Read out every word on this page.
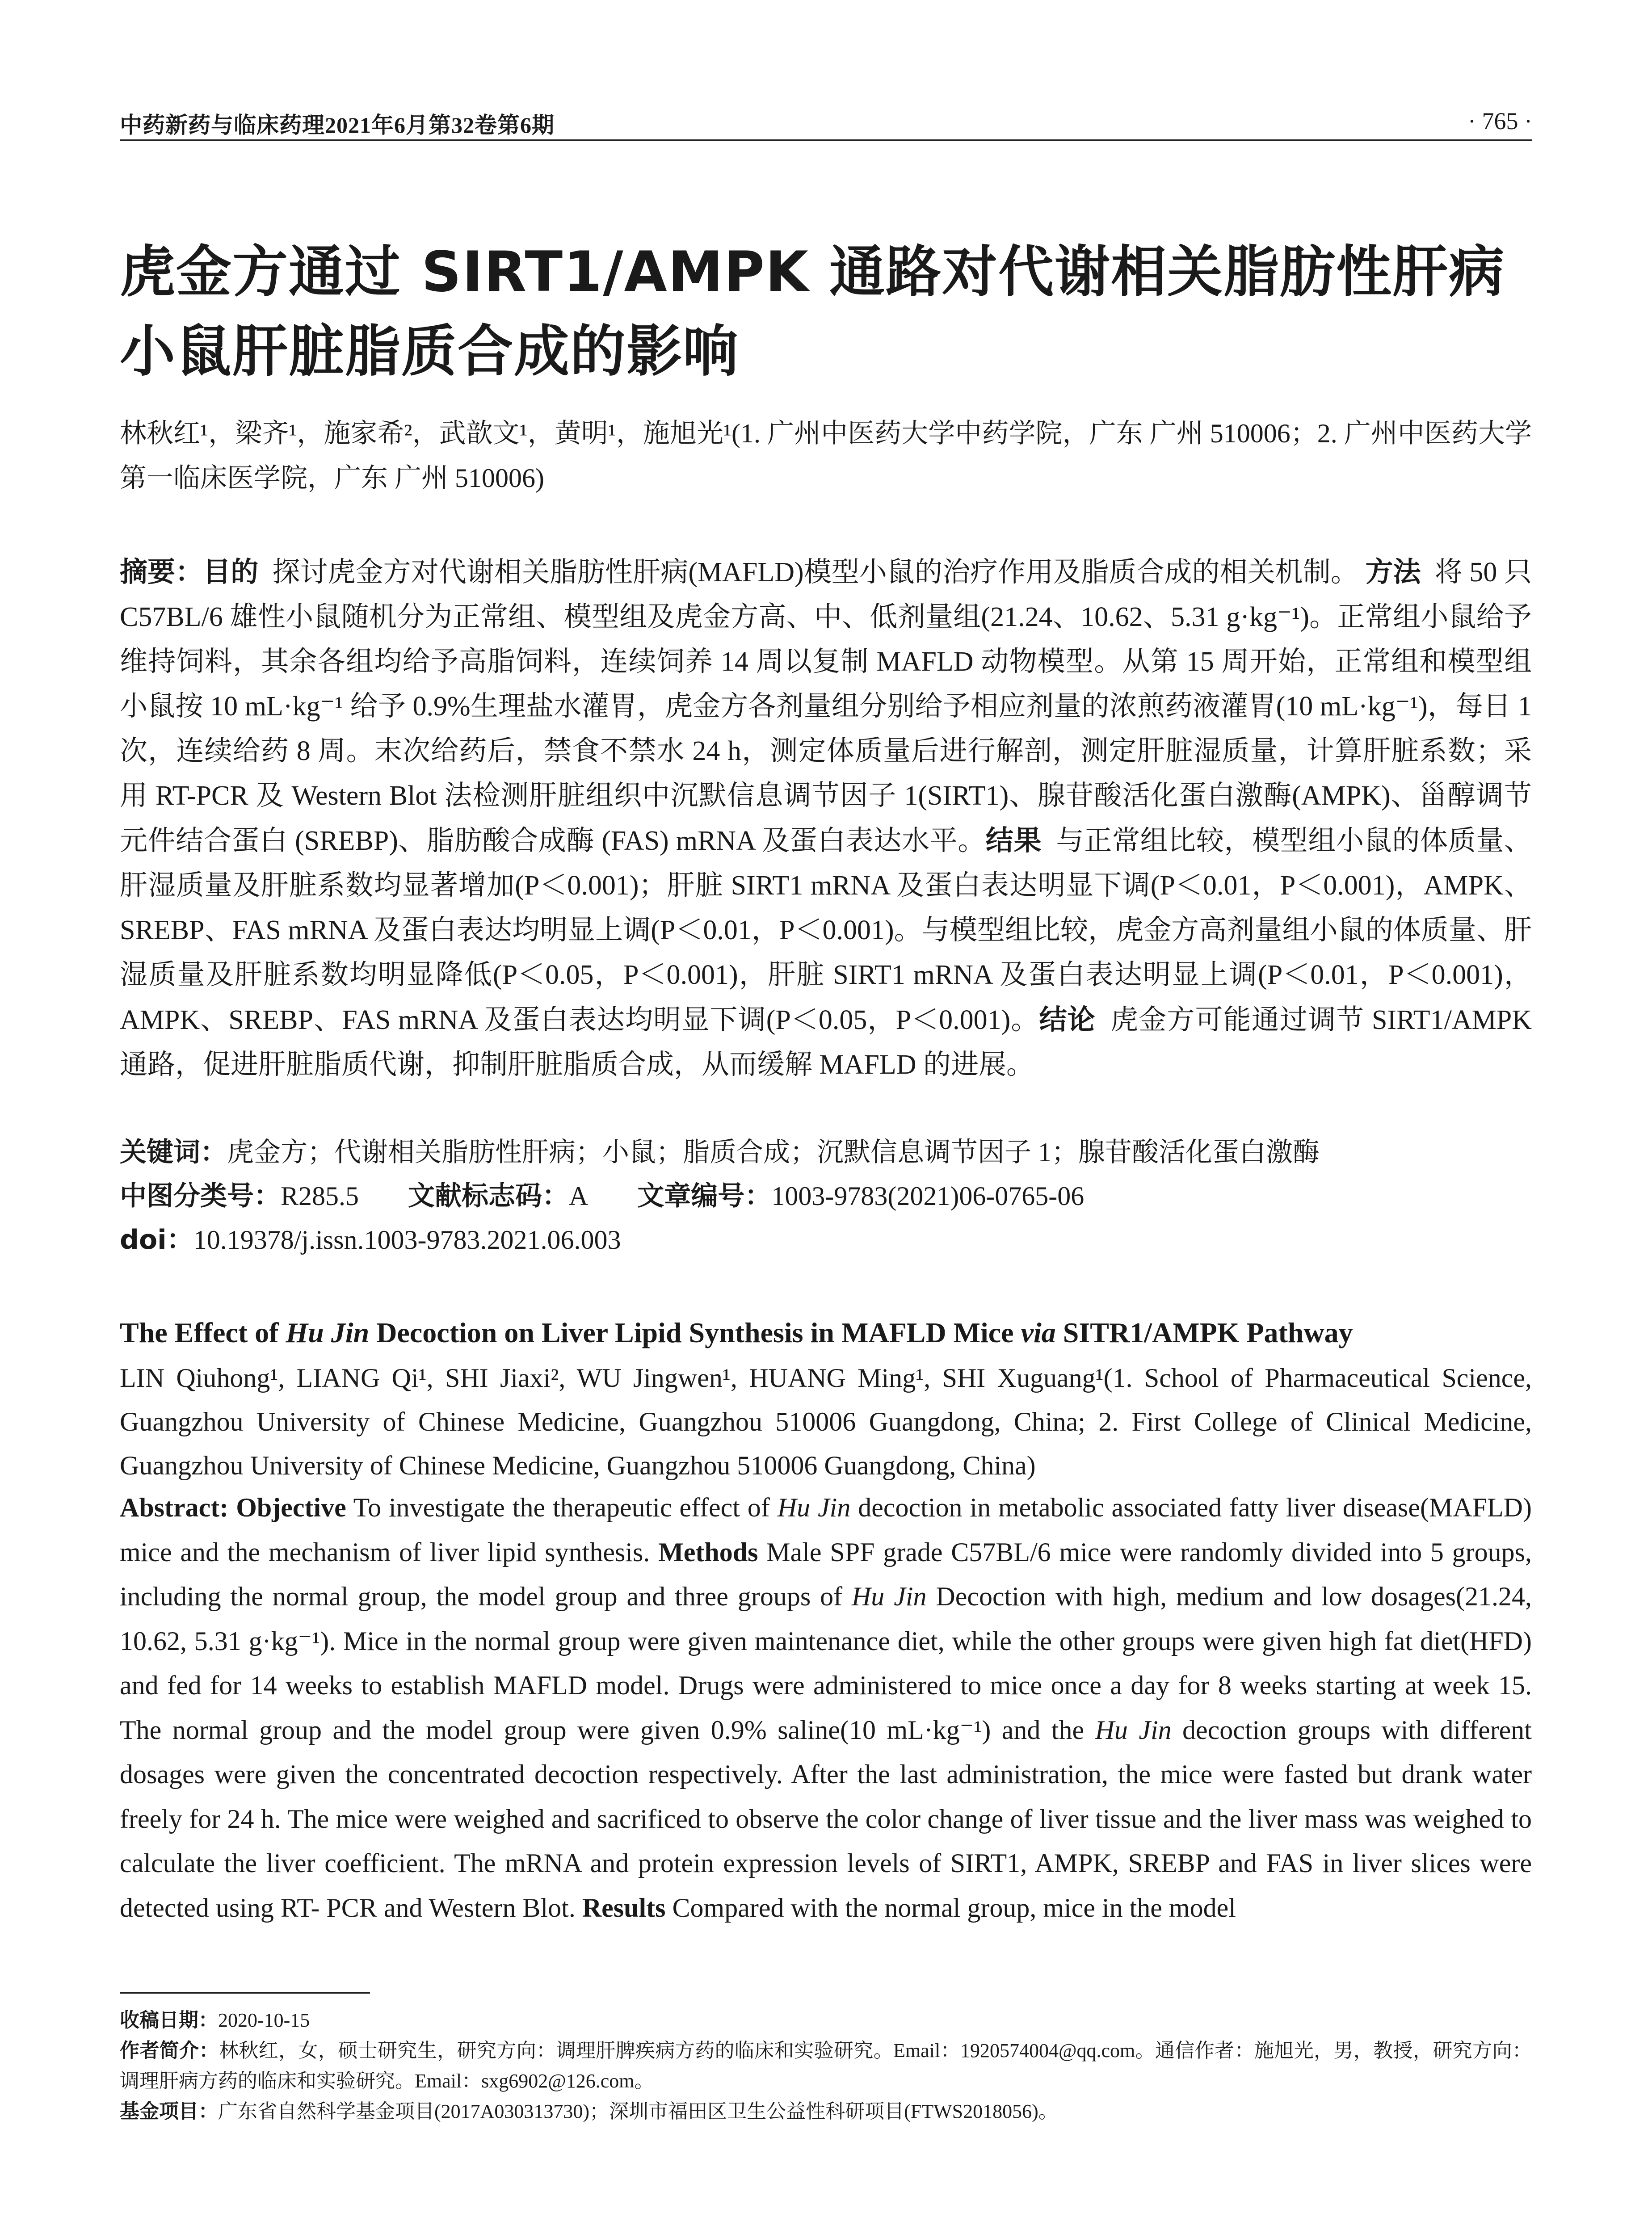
中药新药与临床药理2021年6月第32卷第6期	· 765 ·
虎金方通过 SIRT1/AMPK 通路对代谢相关脂肪性肝病小鼠肝脏脂质合成的影响
林秋红¹，梁齐¹，施家希²，武歆文¹，黄明¹，施旭光¹(1. 广州中医药大学中药学院，广东 广州 510006；2. 广州中医药大学第一临床医学院，广东 广州 510006)
摘要：目的 探讨虎金方对代谢相关脂肪性肝病(MAFLD)模型小鼠的治疗作用及脂质合成的相关机制。 方法 将 50 只 C57BL/6 雄性小鼠随机分为正常组、模型组及虎金方高、中、低剂量组(21.24、10.62、5.31 g·kg⁻¹)。正常组小鼠给予维持饲料，其余各组均给予高脂饲料，连续饲养 14 周以复制 MAFLD 动物模型。从第 15 周开始，正常组和模型组小鼠按 10 mL·kg⁻¹ 给予 0.9%生理盐水灌胃，虎金方各剂量组分别给予相应剂量的浓煎药液灌胃(10 mL·kg⁻¹)，每日 1 次，连续给药 8 周。末次给药后，禁食不禁水 24 h，测定体质量后进行解剖，测定肝脏湿质量，计算肝脏系数；采用 RT-PCR 及 Western Blot 法检测肝脏组织中沉默信息调节因子 1(SIRT1)、腺苷酸活化蛋白激酶(AMPK)、甾醇调节元件结合蛋白 (SREBP)、脂肪酸合成酶 (FAS) mRNA 及蛋白表达水平。结果 与正常组比较，模型组小鼠的体质量、肝湿质量及肝脏系数均显著增加(P＜0.001)；肝脏 SIRT1 mRNA 及蛋白表达明显下调(P＜0.01，P＜0.001)，AMPK、SREBP、FAS mRNA 及蛋白表达均明显上调(P＜0.01，P＜0.001)。与模型组比较，虎金方高剂量组小鼠的体质量、肝湿质量及肝脏系数均明显降低(P＜0.05，P＜0.001)，肝脏 SIRT1 mRNA 及蛋白表达明显上调(P＜0.01，P＜0.001)，AMPK、SREBP、FAS mRNA 及蛋白表达均明显下调(P＜0.05，P＜0.001)。结论 虎金方可能通过调节 SIRT1/AMPK 通路，促进肝脏脂质代谢，抑制肝脏脂质合成，从而缓解 MAFLD 的进展。
关键词：虎金方；代谢相关脂肪性肝病；小鼠；脂质合成；沉默信息调节因子 1；腺苷酸活化蛋白激酶
中图分类号：R285.5 文献标志码：A 文章编号：1003-9783(2021)06-0765-06
doi：10.19378/j.issn.1003-9783.2021.06.003
The Effect of Hu Jin Decoction on Liver Lipid Synthesis in MAFLD Mice via SITR1/AMPK Pathway
LIN Qiuhong¹, LIANG Qi¹, SHI Jiaxi², WU Jingwen¹, HUANG Ming¹, SHI Xuguang¹(1. School of Pharmaceutical Science, Guangzhou University of Chinese Medicine, Guangzhou 510006 Guangdong, China; 2. First College of Clinical Medicine, Guangzhou University of Chinese Medicine, Guangzhou 510006 Guangdong, China)
Abstract: Objective To investigate the therapeutic effect of Hu Jin decoction in metabolic associated fatty liver disease(MAFLD) mice and the mechanism of liver lipid synthesis. Methods Male SPF grade C57BL/6 mice were randomly divided into 5 groups, including the normal group, the model group and three groups of Hu Jin Decoction with high, medium and low dosages(21.24, 10.62, 5.31 g·kg⁻¹). Mice in the normal group were given maintenance diet, while the other groups were given high fat diet(HFD) and fed for 14 weeks to establish MAFLD model. Drugs were administered to mice once a day for 8 weeks starting at week 15. The normal group and the model group were given 0.9% saline(10 mL·kg⁻¹) and the Hu Jin decoction groups with different dosages were given the concentrated decoction respectively. After the last administration, the mice were fasted but drank water freely for 24 h. The mice were weighed and sacrificed to observe the color change of liver tissue and the liver mass was weighed to calculate the liver coefficient. The mRNA and protein expression levels of SIRT1, AMPK, SREBP and FAS in liver slices were detected using RT- PCR and Western Blot. Results Compared with the normal group, mice in the model
收稿日期：2020-10-15
作者简介：林秋红，女，硕士研究生，研究方向：调理肝脾疾病方药的临床和实验研究。Email：1920574004@qq.com。通信作者：施旭光，男，教授，研究方向：调理肝病方药的临床和实验研究。Email：sxg6902@126.com。
基金项目：广东省自然科学基金项目(2017A030313730)；深圳市福田区卫生公益性科研项目(FTWS2018056)。
